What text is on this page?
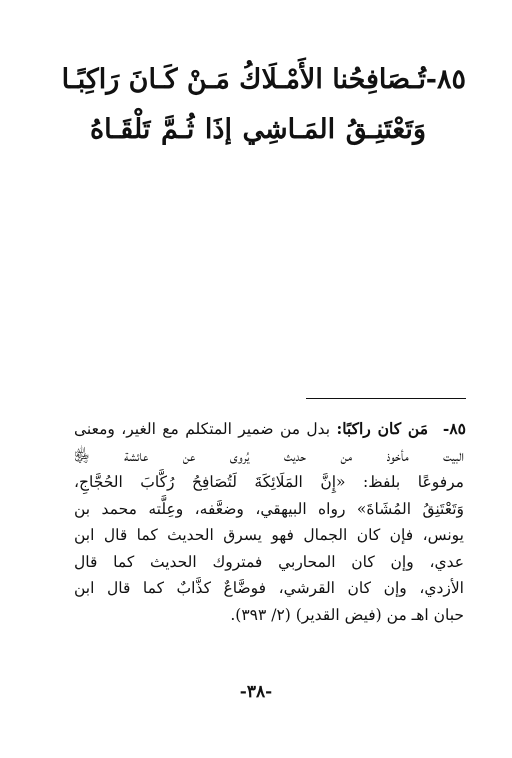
٨٥-
تُـصَافِحُنا الأَمْـلَاكُ مَـنْ كَـانَ رَاكِبًـا
وَتَعْتَنِـقُ المَـاشِي إذَا ثُـمَّ تَلْقَـاهُ
٨٥-
مَن كان راكبًا: بدل من ضمير المتكلم مع الغير، ومعنى
البيت مأخوذ من حديث يُروى عن عائشة ﵂
مرفوعًا بلفظ: «إِنَّ المَلَائِكَةَ لَتُصَافِحُ رُكَّابَ الحُجَّاجِ،
وَتَعْتَنِقُ المُشَاةَ» رواه البيهقي، وضعَّفه، وعِلَّته محمد بن
يونس، فإن كان الجمال فهو يسرق الحديث كما قال ابن
عدي، وإن كان المحاربي فمتروك الحديث كما قال
الأزدي، وإن كان القرشي، فوضَّاعٌ كذَّابٌ كما قال ابن
حبان اهـ من (فيض القدير) (٢/ ٣٩٣).
-٣٨-
